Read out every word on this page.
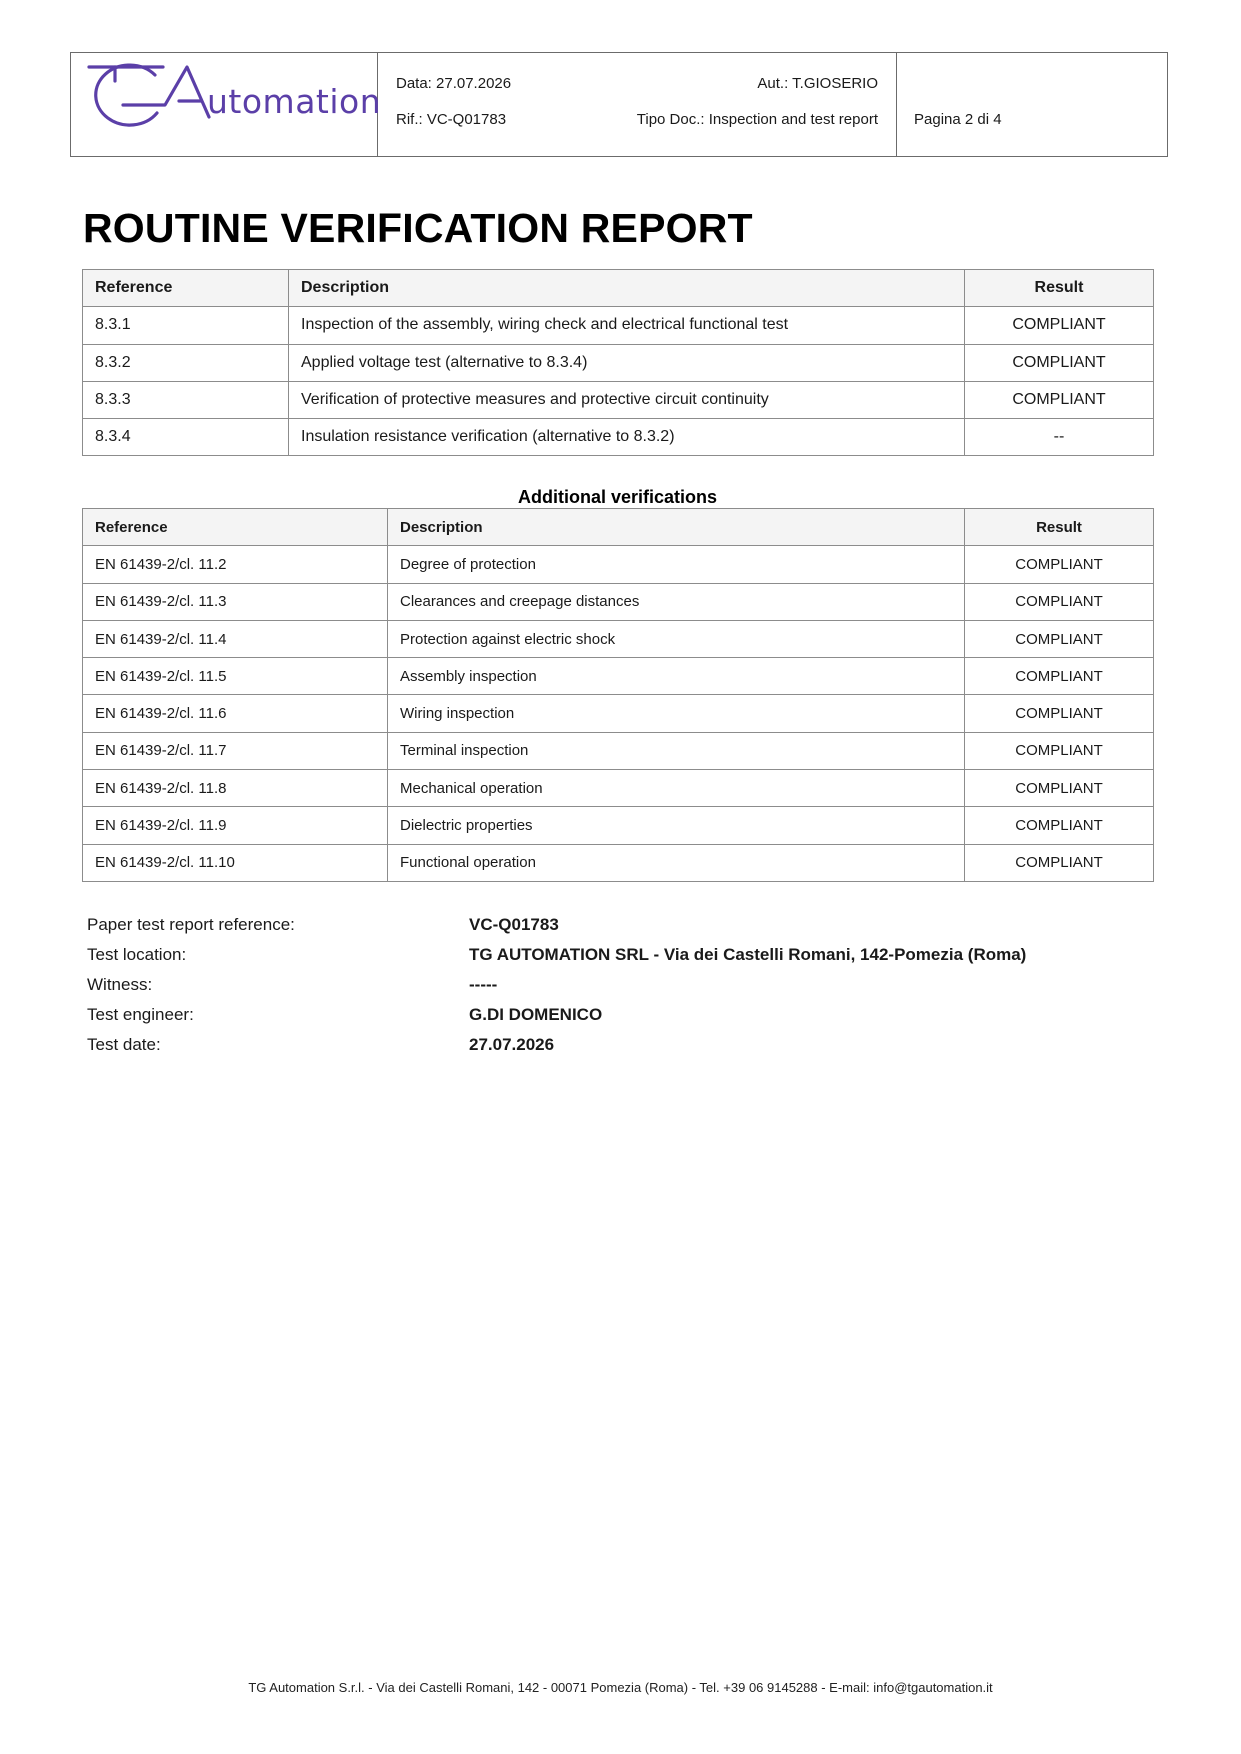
utomation Data: 27.07.2026	Aut.: T.GIOSERIO
Rif.: VC-Q01783	Tipo Doc.: Inspection and test report Pagina 2 di 4
ROUTINE VERIFICATION REPORT
Reference	Description	Result
8.3.1	Inspection of the assembly, wiring check and electrical functional test	COMPLIANT
8.3.2	Applied voltage test (alternative to 8.3.4)	COMPLIANT
8.3.3	Verification of protective measures and protective circuit continuity	COMPLIANT
8.3.4	Insulation resistance verification (alternative to 8.3.2)	--
Additional verifications
Reference	Description	Result
EN 61439-2/cl. 11.2	Degree of protection	COMPLIANT
EN 61439-2/cl. 11.3	Clearances and creepage distances	COMPLIANT
EN 61439-2/cl. 11.4	Protection against electric shock	COMPLIANT
EN 61439-2/cl. 11.5	Assembly inspection	COMPLIANT
EN 61439-2/cl. 11.6	Wiring inspection	COMPLIANT
EN 61439-2/cl. 11.7	Terminal inspection	COMPLIANT
EN 61439-2/cl. 11.8	Mechanical operation	COMPLIANT
EN 61439-2/cl. 11.9	Dielectric properties	COMPLIANT
EN 61439-2/cl. 11.10	Functional operation	COMPLIANT
Paper test report reference:	VC-Q01783
Test location:	TG AUTOMATION SRL - Via dei Castelli Romani, 142-Pomezia (Roma)
Witness:	-----
Test engineer:	G.DI DOMENICO
Test date:	27.07.2026
TG Automation S.r.l. - Via dei Castelli Romani, 142 - 00071 Pomezia (Roma) - Tel. +39 06 9145288 - E-mail: info@tgautomation.it
